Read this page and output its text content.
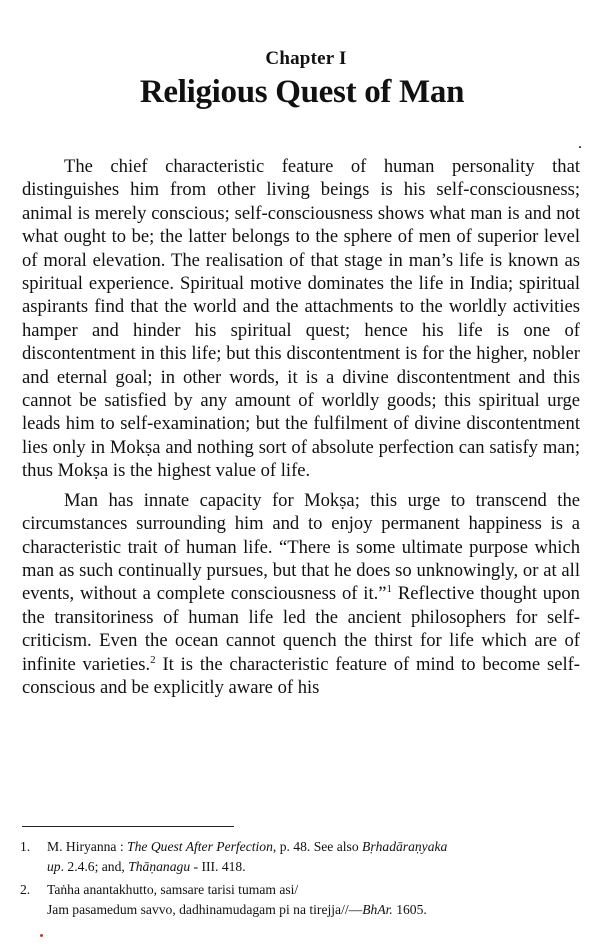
Chapter I
Religious Quest of Man
·

The chief characteristic feature of human personality that distinguishes him from other living beings is his self-consciousness; animal is merely conscious; self-consciousness shows what man is and not what ought to be; the latter belongs to the sphere of men of superior level of moral elevation. The realisation of that stage in man’s life is known as spiritual experience. Spiritual motive dominates the life in India; spiritual aspirants find that the world and the attachments to the worldly activities hamper and hinder his spiritual quest; hence his life is one of discontentment in this life; but this discontentment is for the higher, nobler and eternal goal; in other words, it is a divine discontentment and this cannot be satisfied by any amount of worldly goods; this spiritual urge leads him to self-examination; but the fulfilment of divine discontentment lies only in Mokṣa and nothing sort of absolute perfection can satisfy man; thus Mokṣa is the highest value of life.

Man has innate capacity for Mokṣa; this urge to transcend the circumstances surrounding him and to enjoy permanent happiness is a characteristic trait of human life. “There is some ultimate purpose which man as such continually pursues, but that he does so unknowingly, or at all events, without a complete consciousness of it.”$^1$ Reflective thought upon the transitoriness of human life led the ancient philosophers for self-criticism. Even the ocean cannot quench the thirst for life which are of infinite varieties.$^2$ It is the characteristic feature of mind to become self-conscious and be explicitly aware of his

1. M. Hiryanna : The Quest After Perfection, p. 48. See also Bṛhadāraṇyaka
up. 2.4.6; and, Thāṇanagu - III. 418.
2. Taṅha anantakhutto, samsare tarisi tumam asi/
Jam pasamedum savvo, dadhinamudagam pi na tirejja//—BhAr. 1605.
